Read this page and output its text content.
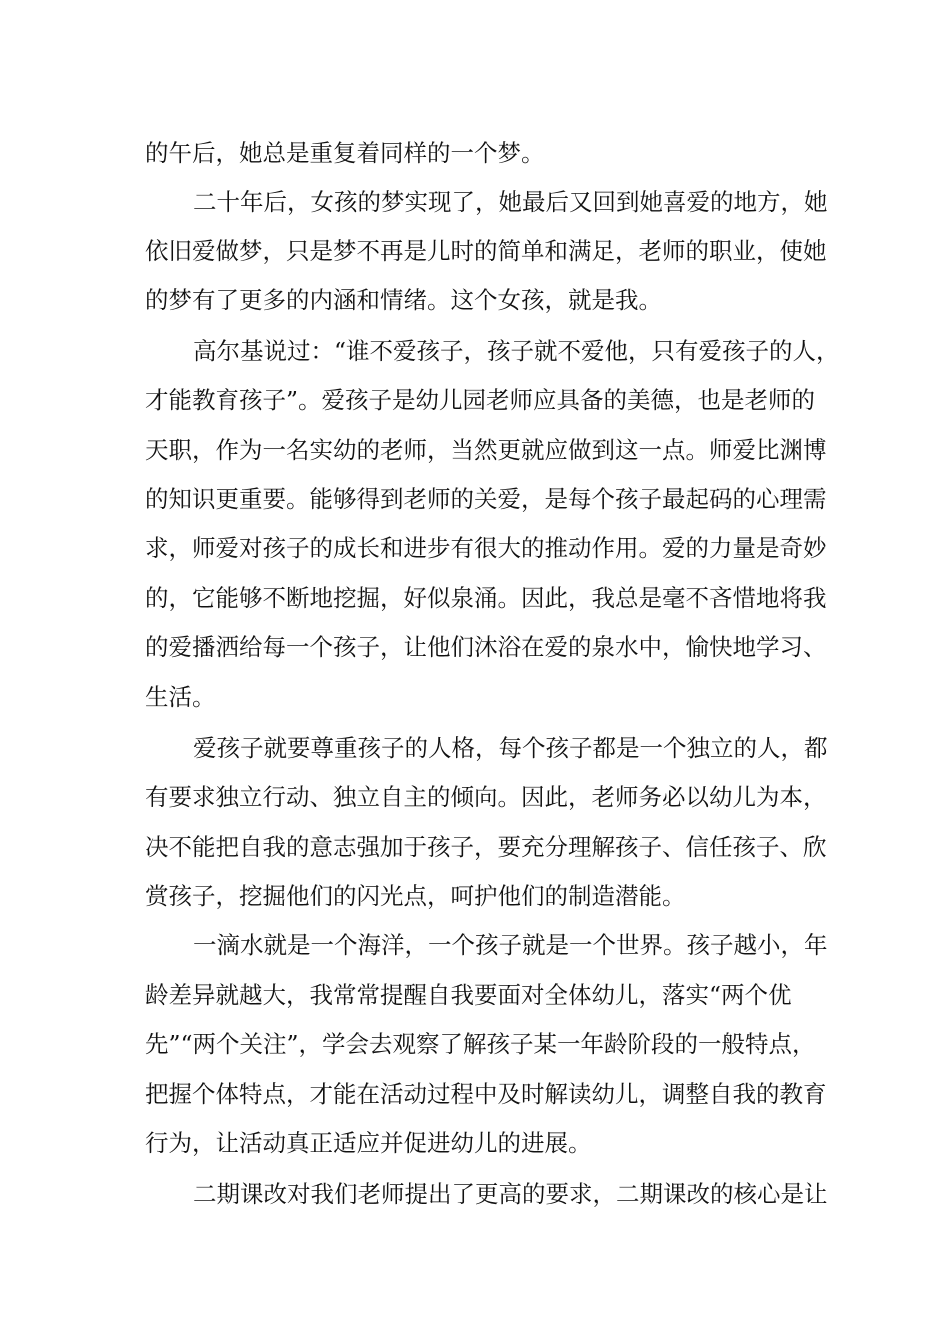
的午后，她总是重复着同样的一个梦。
二十年后，女孩的梦实现了，她最后又回到她喜爱的地方，她
依旧爱做梦，只是梦不再是儿时的简单和满足，老师的职业，使她
的梦有了更多的内涵和情绪。这个女孩，就是我。
高尔基说过：“谁不爱孩子，孩子就不爱他，只有爱孩子的人，
才能教育孩子”。爱孩子是幼儿园老师应具备的美德，也是老师的
天职，作为一名实幼的老师，当然更就应做到这一点。师爱比渊博
的知识更重要。能够得到老师的关爱，是每个孩子最起码的心理需
求，师爱对孩子的成长和进步有很大的推动作用。爱的力量是奇妙
的，它能够不断地挖掘，好似泉涌。因此，我总是毫不吝惜地将我
的爱播洒给每一个孩子，让他们沐浴在爱的泉水中，愉快地学习、
生活。
爱孩子就要尊重孩子的人格，每个孩子都是一个独立的人，都
有要求独立行动、独立自主的倾向。因此，老师务必以幼儿为本，
决不能把自我的意志强加于孩子，要充分理解孩子、信任孩子、欣
赏孩子，挖掘他们的闪光点，呵护他们的制造潜能。
一滴水就是一个海洋，一个孩子就是一个世界。孩子越小，年
龄差异就越大，我常常提醒自我要面对全体幼儿，落实“两个优
先”“两个关注”，学会去观察了解孩子某一年龄阶段的一般特点，
把握个体特点，才能在活动过程中及时解读幼儿，调整自我的教育
行为，让活动真正适应并促进幼儿的进展。
二期课改对我们老师提出了更高的要求，二期课改的核心是让
